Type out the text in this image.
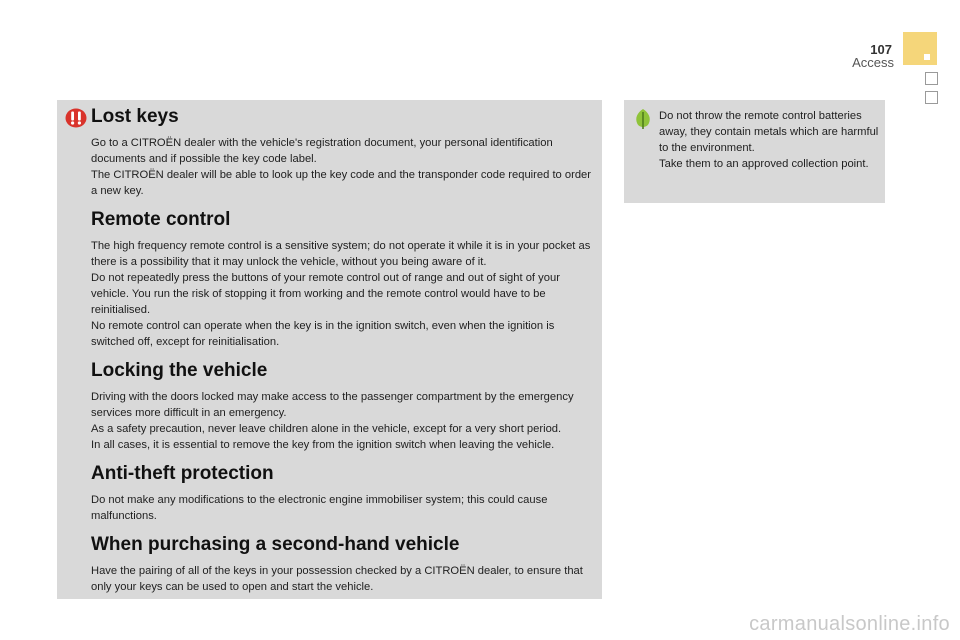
107
Access
Lost keys

Go to a CITROËN dealer with the vehicle's registration document, your personal identification documents and if possible the key code label.
The CITROËN dealer will be able to look up the key code and the transponder code required to order a new key.

Remote control

The high frequency remote control is a sensitive system; do not operate it while it is in your pocket as there is a possibility that it may unlock the vehicle, without you being aware of it.
Do not repeatedly press the buttons of your remote control out of range and out of sight of your vehicle. You run the risk of stopping it from working and the remote control would have to be reinitialised.
No remote control can operate when the key is in the ignition switch, even when the ignition is switched off, except for reinitialisation.

Locking the vehicle

Driving with the doors locked may make access to the passenger compartment by the emergency services more difficult in an emergency.
As a safety precaution, never leave children alone in the vehicle, except for a very short period.
In all cases, it is essential to remove the key from the ignition switch when leaving the vehicle.

Anti-theft protection

Do not make any modifications to the electronic engine immobiliser system; this could cause malfunctions.

When purchasing a second-hand vehicle

Have the pairing of all of the keys in your possession checked by a CITROËN dealer, to ensure that only your keys can be used to open and start the vehicle.

Do not throw the remote control batteries away, they contain metals which are harmful to the environment.
Take them to an approved collection point.

carmanualsonline.info
